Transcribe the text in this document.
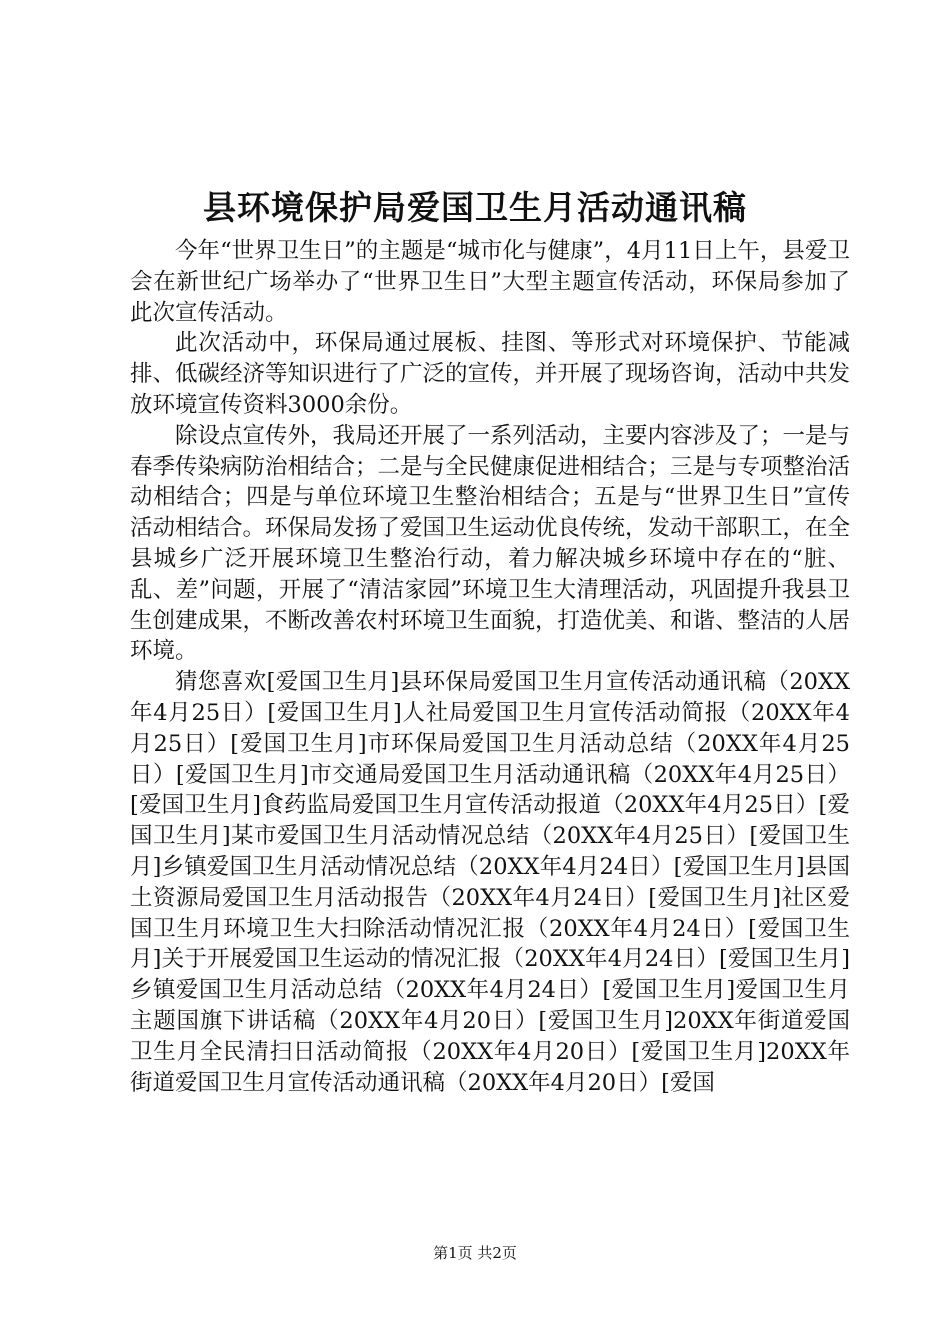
县环境保护局爱国卫生月活动通讯稿

今年“世界卫生日”的主题是“城市化与健康”，4月11日上午，县爱卫会在新世纪广场举办了“世界卫生日”大型主题宣传活动，环保局参加了此次宣传活动。

此次活动中，环保局通过展板、挂图、等形式对环境保护、节能减排、低碳经济等知识进行了广泛的宣传，并开展了现场咨询，活动中共发放环境宣传资料3000余份。

除设点宣传外，我局还开展了一系列活动，主要内容涉及了；一是与春季传染病防治相结合；二是与全民健康促进相结合；三是与专项整治活动相结合；四是与单位环境卫生整治相结合；五是与“世界卫生日”宣传活动相结合。环保局发扬了爱国卫生运动优良传统，发动干部职工，在全县城乡广泛开展环境卫生整治行动，着力解决城乡环境中存在的“脏、乱、差”问题，开展了“清洁家园”环境卫生大清理活动，巩固提升我县卫生创建成果，不断改善农村环境卫生面貌，打造优美、和谐、整洁的人居环境。

猜您喜欢[爱国卫生月]县环保局爱国卫生月宣传活动通讯稿（20XX年4月25日）[爱国卫生月]人社局爱国卫生月宣传活动简报（20XX年4月25日）[爱国卫生月]市环保局爱国卫生月活动总结（20XX年4月25日）[爱国卫生月]市交通局爱国卫生月活动通讯稿（20XX年4月25日）[爱国卫生月]食药监局爱国卫生月宣传活动报道（20XX年4月25日）[爱国卫生月]某市爱国卫生月活动情况总结（20XX年4月25日）[爱国卫生月]乡镇爱国卫生月活动情况总结（20XX年4月24日）[爱国卫生月]县国土资源局爱国卫生月活动报告（20XX年4月24日）[爱国卫生月]社区爱国卫生月环境卫生大扫除活动情况汇报（20XX年4月24日）[爱国卫生月]关于开展爱国卫生运动的情况汇报（20XX年4月24日）[爱国卫生月]乡镇爱国卫生月活动总结（20XX年4月24日）[爱国卫生月]爱国卫生月主题国旗下讲话稿（20XX年4月20日）[爱国卫生月]20XX年街道爱国卫生月全民清扫日活动简报（20XX年4月20日）[爱国卫生月]20XX年街道爱国卫生月宣传活动通讯稿（20XX年4月20日）[爱国

第1页 共2页
